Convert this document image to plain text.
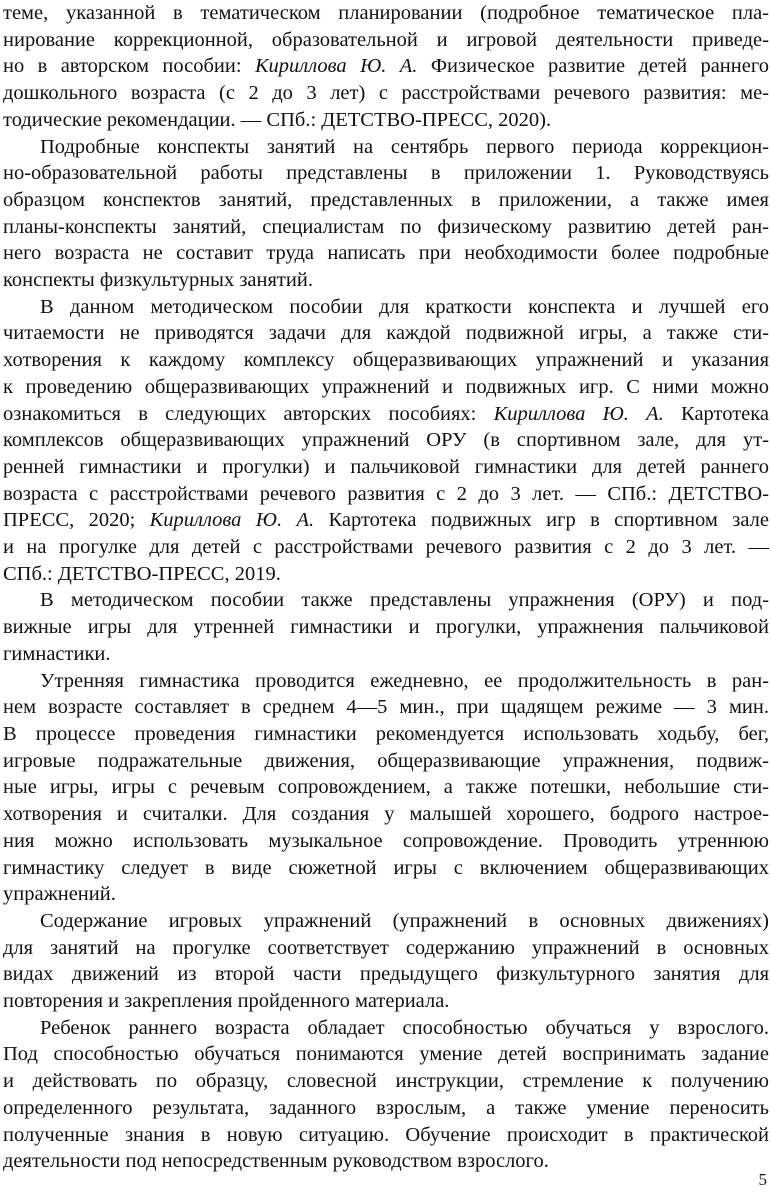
теме, указанной в тематическом планировании (подробное тематическое пла-
нирование коррекционной, образовательной и игровой деятельности приведе-
но в авторском пособии: Кириллова Ю. А. Физическое развитие детей раннего
дошкольного возраста (с 2 до 3 лет) с расстройствами речевого развития: ме-
тодические рекомендации. — СПб.: ДЕТСТВО-ПРЕСС, 2020).
Подробные конспекты занятий на сентябрь первого периода коррекцион-
но-образовательной работы представлены в приложении 1. Руководствуясь
образцом конспектов занятий, представленных в приложении, а также имея
планы-конспекты занятий, специалистам по физическому развитию детей ран-
него возраста не составит труда написать при необходимости более подробные
конспекты физкультурных занятий.
В данном методическом пособии для краткости конспекта и лучшей его
читаемости не приводятся задачи для каждой подвижной игры, а также сти-
хотворения к каждому комплексу общеразвивающих упражнений и указания
к проведению общеразвивающих упражнений и подвижных игр. С ними можно
ознакомиться в следующих авторских пособиях: Кириллова Ю. А. Картотека
комплексов общеразвивающих упражнений ОРУ (в спортивном зале, для ут-
ренней гимнастики и прогулки) и пальчиковой гимнастики для детей раннего
возраста с расстройствами речевого развития с 2 до 3 лет. — СПб.: ДЕТСТВО-
ПРЕСС, 2020; Кириллова Ю. А. Картотека подвижных игр в спортивном зале
и на прогулке для детей с расстройствами речевого развития с 2 до 3 лет. —
СПб.: ДЕТСТВО-ПРЕСС, 2019.
В методическом пособии также представлены упражнения (ОРУ) и под-
вижные игры для утренней гимнастики и прогулки, упражнения пальчиковой
гимнастики.
Утренняя гимнастика проводится ежедневно, ее продолжительность в ран-
нем возрасте составляет в среднем 4—5 мин., при щадящем режиме — 3 мин.
В процессе проведения гимнастики рекомендуется использовать ходьбу, бег,
игровые подражательные движения, общеразвивающие упражнения, подвиж-
ные игры, игры с речевым сопровождением, а также потешки, небольшие сти-
хотворения и считалки. Для создания у малышей хорошего, бодрого настрое-
ния можно использовать музыкальное сопровождение. Проводить утреннюю
гимнастику следует в виде сюжетной игры с включением общеразвивающих
упражнений.
Содержание игровых упражнений (упражнений в основных движениях)
для занятий на прогулке соответствует содержанию упражнений в основных
видах движений из второй части предыдущего физкультурного занятия для
повторения и закрепления пройденного материала.
Ребенок раннего возраста обладает способностью обучаться у взрослого.
Под способностью обучаться понимаются умение детей воспринимать задание
и действовать по образцу, словесной инструкции, стремление к получению
определенного результата, заданного взрослым, а также умение переносить
полученные знания в новую ситуацию. Обучение происходит в практической
деятельности под непосредственным руководством взрослого.
5
